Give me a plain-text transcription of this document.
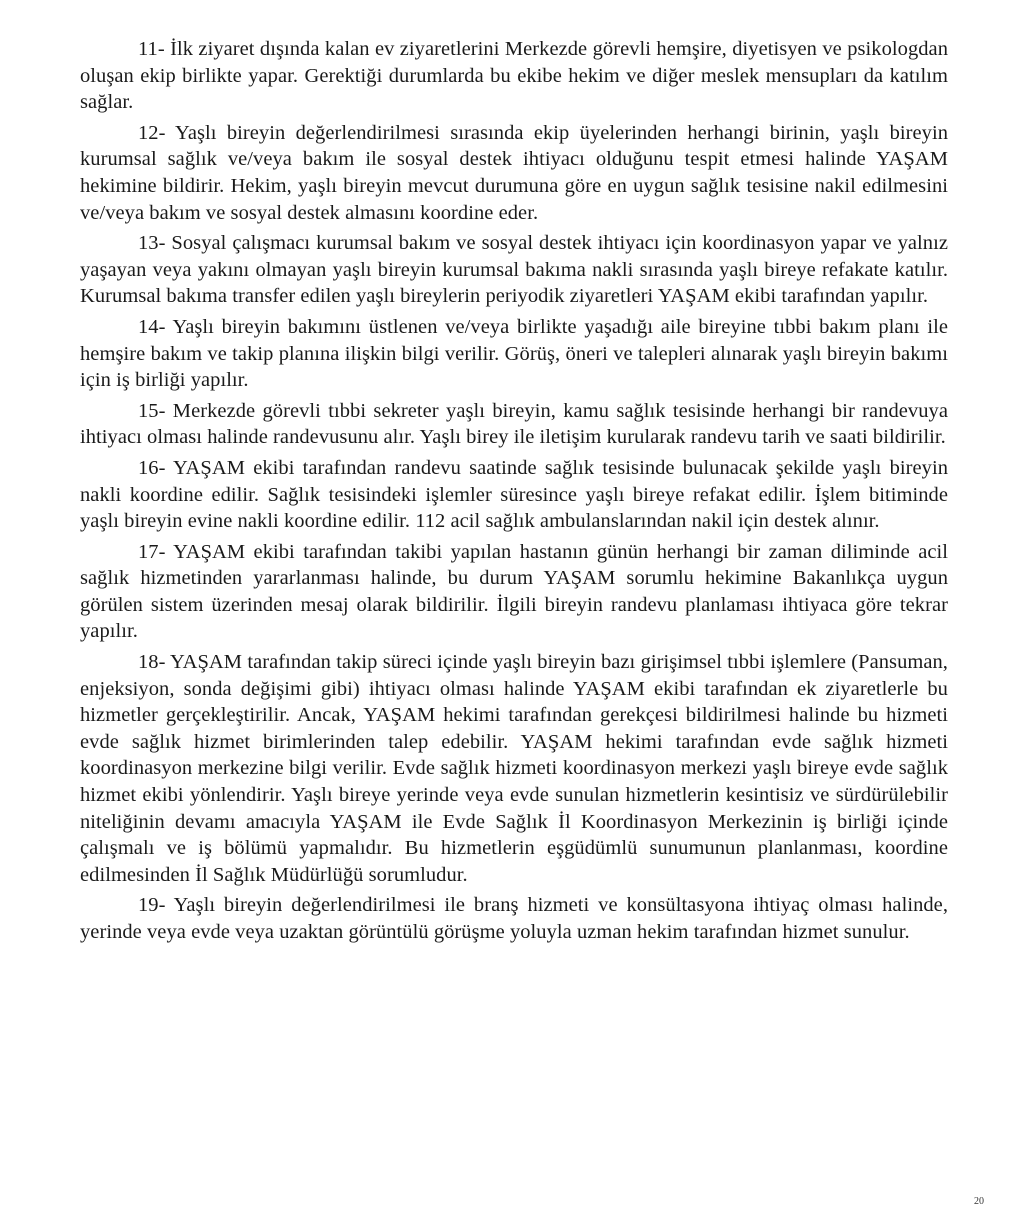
11- İlk ziyaret dışında kalan ev ziyaretlerini Merkezde görevli hemşire, diyetisyen ve psikologdan oluşan ekip birlikte yapar. Gerektiği durumlarda bu ekibe hekim ve diğer meslek mensupları da katılım sağlar.

12- Yaşlı bireyin değerlendirilmesi sırasında ekip üyelerinden herhangi birinin, yaşlı bireyin kurumsal sağlık ve/veya bakım ile sosyal destek ihtiyacı olduğunu tespit etmesi halinde YAŞAM hekimine bildirir. Hekim, yaşlı bireyin mevcut durumuna göre en uygun sağlık tesisine nakil edilmesini ve/veya bakım ve sosyal destek almasını koordine eder.

13- Sosyal çalışmacı kurumsal bakım ve sosyal destek ihtiyacı için koordinasyon yapar ve yalnız yaşayan veya yakını olmayan yaşlı bireyin kurumsal bakıma nakli sırasında yaşlı bireye refakate katılır. Kurumsal bakıma transfer edilen yaşlı bireylerin periyodik ziyaretleri YAŞAM ekibi tarafından yapılır.

14- Yaşlı bireyin bakımını üstlenen ve/veya birlikte yaşadığı aile bireyine tıbbi bakım planı ile hemşire bakım ve takip planına ilişkin bilgi verilir. Görüş, öneri ve talepleri alınarak yaşlı bireyin bakımı için iş birliği yapılır.

15- Merkezde görevli tıbbi sekreter yaşlı bireyin, kamu sağlık tesisinde herhangi bir randevuya ihtiyacı olması halinde randevusunu alır. Yaşlı birey ile iletişim kurularak randevu tarih ve saati bildirilir.

16- YAŞAM ekibi tarafından randevu saatinde sağlık tesisinde bulunacak şekilde yaşlı bireyin nakli koordine edilir. Sağlık tesisindeki işlemler süresince yaşlı bireye refakat edilir. İşlem bitiminde yaşlı bireyin evine nakli koordine edilir. 112 acil sağlık ambulanslarından nakil için destek alınır.

17- YAŞAM ekibi tarafından takibi yapılan hastanın günün herhangi bir zaman diliminde acil sağlık hizmetinden yararlanması halinde, bu durum YAŞAM sorumlu hekimine Bakanlıkça uygun görülen sistem üzerinden mesaj olarak bildirilir. İlgili bireyin randevu planlaması ihtiyaca göre tekrar yapılır.

18- YAŞAM tarafından takip süreci içinde yaşlı bireyin bazı girişimsel tıbbi işlemlere (Pansuman, enjeksiyon, sonda değişimi gibi) ihtiyacı olması halinde YAŞAM ekibi tarafından ek ziyaretlerle bu hizmetler gerçekleştirilir. Ancak, YAŞAM hekimi tarafından gerekçesi bildirilmesi halinde bu hizmeti evde sağlık hizmet birimlerinden talep edebilir. YAŞAM hekimi tarafından evde sağlık hizmeti koordinasyon merkezine bilgi verilir. Evde sağlık hizmeti koordinasyon merkezi yaşlı bireye evde sağlık hizmet ekibi yönlendirir. Yaşlı bireye yerinde veya evde sunulan hizmetlerin kesintisiz ve sürdürülebilir niteliğinin devamı amacıyla YAŞAM ile Evde Sağlık İl Koordinasyon Merkezinin iş birliği içinde çalışmalı ve iş bölümü yapmalıdır. Bu hizmetlerin eşgüdümlü sunumunun planlanması, koordine edilmesinden İl Sağlık Müdürlüğü sorumludur.

19- Yaşlı bireyin değerlendirilmesi ile branş hizmeti ve konsültasyona ihtiyaç olması halinde, yerinde veya evde veya uzaktan görüntülü görüşme yoluyla uzman hekim tarafından hizmet sunulur.

20
